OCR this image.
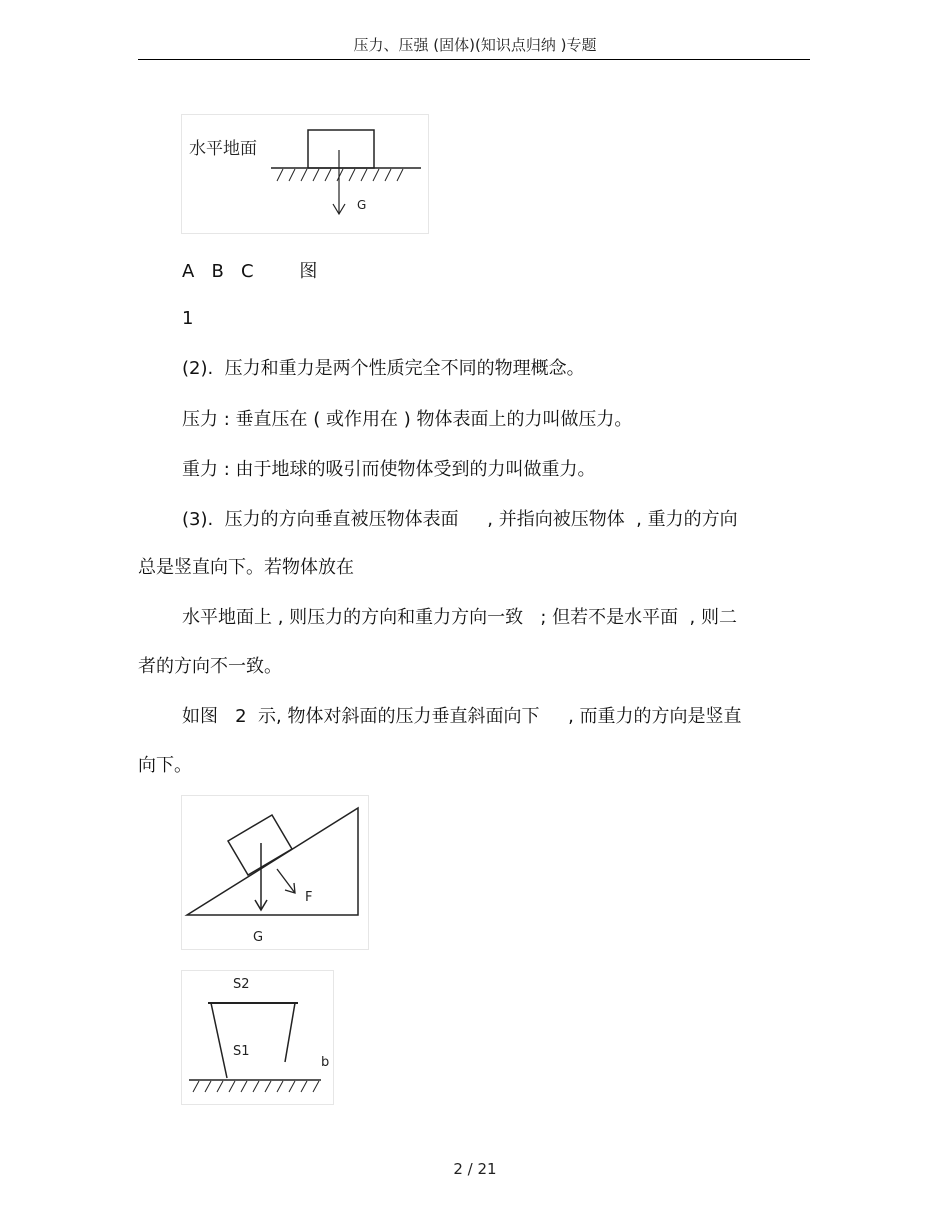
压力、压强 (固体)(知识点归纳 )专题
水平地面
G
A   B   C        图
1
(2).  压力和重力是两个性质完全不同的物理概念。
压力 : 垂直压在 ( 或作用在 ) 物体表面上的力叫做压力。
重力 : 由于地球的吸引而使物体受到的力叫做重力。
(3).  压力的方向垂直被压物体表面     , 并指向被压物体  , 重力的方向
总是竖直向下。若物体放在
水平地面上 , 则压力的方向和重力方向一致   ; 但若不是水平面  , 则二
者的方向不一致。
如图   2  示, 物体对斜面的压力垂直斜面向下     , 而重力的方向是竖直
向下。
F
G
S2
S1
b
2 / 21
